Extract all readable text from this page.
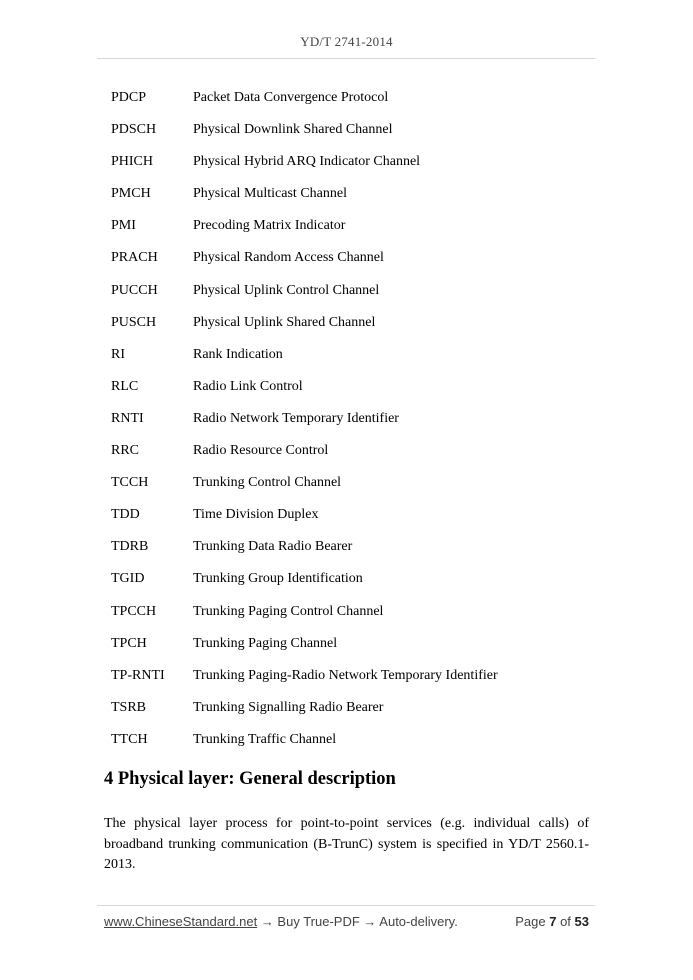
YD/T 2741-2014
PDCP	Packet Data Convergence Protocol
PDSCH	Physical Downlink Shared Channel
PHICH	Physical Hybrid ARQ Indicator Channel
PMCH	Physical Multicast Channel
PMI	Precoding Matrix Indicator
PRACH	Physical Random Access Channel
PUCCH	Physical Uplink Control Channel
PUSCH	Physical Uplink Shared Channel
RI	Rank Indication
RLC	Radio Link Control
RNTI	Radio Network Temporary Identifier
RRC	Radio Resource Control
TCCH	Trunking Control Channel
TDD	Time Division Duplex
TDRB	Trunking Data Radio Bearer
TGID	Trunking Group Identification
TPCCH	Trunking Paging Control Channel
TPCH	Trunking Paging Channel
TP-RNTI	Trunking Paging-Radio Network Temporary Identifier
TSRB	Trunking Signalling Radio Bearer
TTCH	Trunking Traffic Channel
4 Physical layer: General description

The physical layer process for point-to-point services (e.g. individual calls) of broadband trunking communication (B-TrunC) system is specified in YD/T 2560.1-2013.

www.ChineseStandard.net → Buy True-PDF → Auto-delivery.	Page 7 of 53
